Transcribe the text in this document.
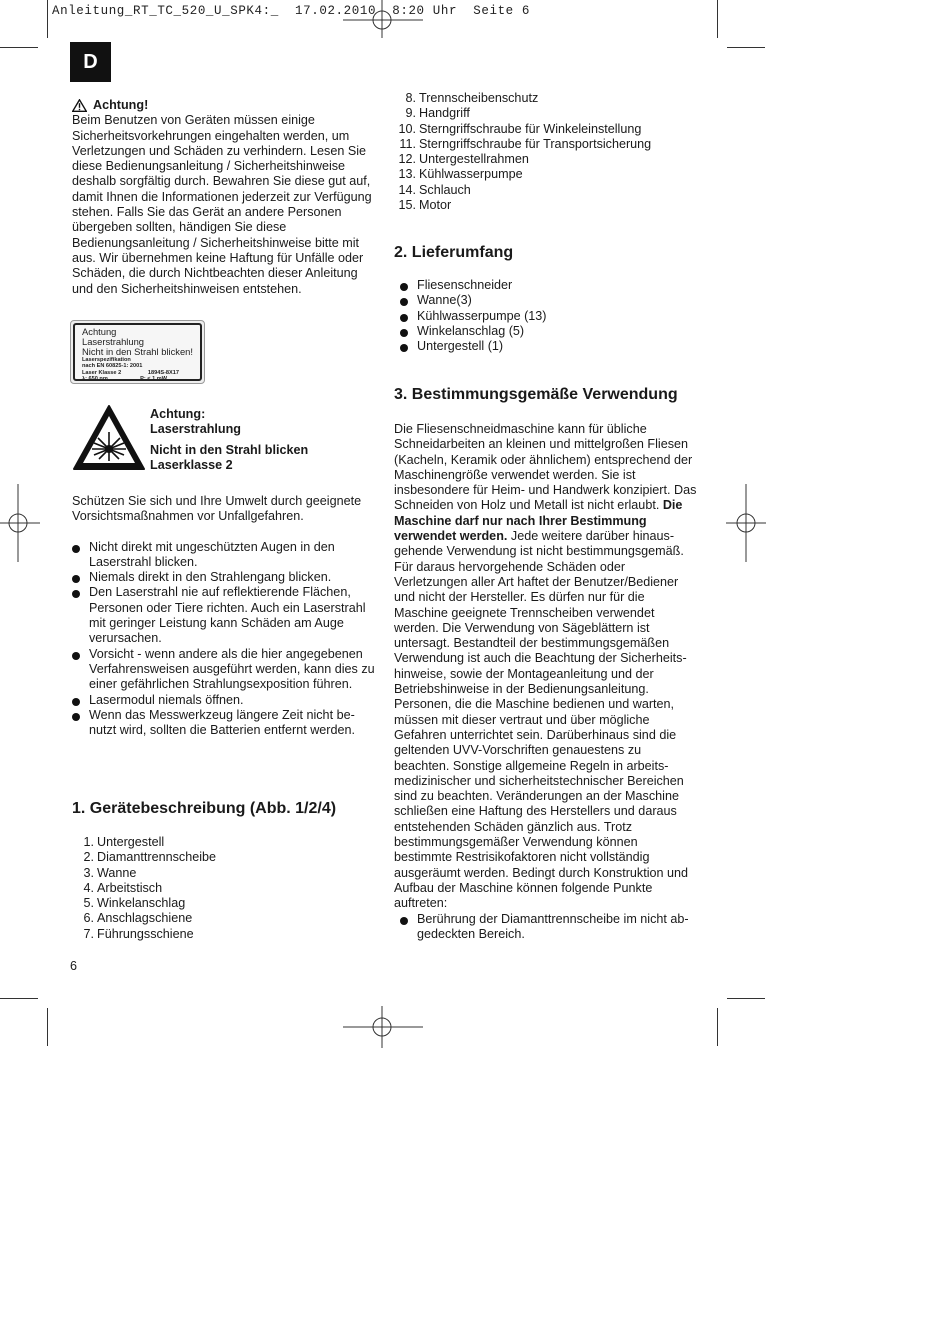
Anleitung_RT_TC_520_U_SPK4:_  17.02.2010  8:20 Uhr  Seite 6
D
Achtung!

Beim Benutzen von Geräten müssen einige Sicherheitsvorkehrungen eingehalten werden, um Verletzungen und Schäden zu verhindern. Lesen Sie diese Bedienungsanleitung / Sicherheitshinweise deshalb sorgfältig durch. Bewahren Sie diese gut auf, damit Ihnen die Informationen jederzeit zur Verfügung stehen. Falls Sie das Gerät an andere Personen übergeben sollten, händigen Sie diese Bedienungsanleitung / Sicherheitshinweise bitte mit aus. Wir übernehmen keine Haftung für Unfälle oder Schäden, die durch Nichtbeachten dieser Anleitung und den Sicherheitshinweisen entstehen.

Achtung
Laserstrahlung
Nicht in den Strahl blicken!
Laserspezifikation
nach EN 60825-1: 2001
Laser Klasse 2	1894S-8X17
λ: 650 nm	P: < 1 mW
Achtung:
Laserstrahlung
Nicht in den Strahl blicken
Laserklasse 2

Schützen Sie sich und Ihre Umwelt durch geeignete Vorsichtsmaßnahmen vor Unfallgefahren.

Nicht direkt mit ungeschützten Augen in den Laserstrahl blicken.
Niemals direkt in den Strahlengang blicken.
Den Laserstrahl nie auf reflektierende Flächen, Personen oder Tiere richten. Auch ein Laserstrahl mit geringer Leistung kann Schäden am Auge verursachen.
Vorsicht - wenn andere als die hier angegebenen Verfahrensweisen ausgeführt werden, kann dies zu einer gefährlichen Strahlungsexposition führen.
Lasermodul niemals öffnen.
Wenn das Messwerkzeug längere Zeit nicht benutzt wird, sollten die Batterien entfernt werden.
1. Gerätebeschreibung (Abb. 1/2/4)
1. Untergestell
2. Diamanttrennscheibe
3. Wanne
4. Arbeitstisch
5. Winkelanschlag
6. Anschlagschiene
7. Führungsschiene
8. Trennscheibenschutz
9. Handgriff
10. Sterngriffschraube für Winkeleinstellung
11. Sterngriffschraube für Transportsicherung
12. Untergestellrahmen
13. Kühlwasserpumpe
14. Schlauch
15. Motor
2. Lieferumfang
Fliesenschneider
Wanne(3)
Kühlwasserpumpe (13)
Winkelanschlag (5)
Untergestell (1)
3. Bestimmungsgemäße Verwendung

Die Fliesenschneidmaschine kann für übliche Schneidarbeiten an kleinen und mittelgroßen Fliesen (Kacheln, Keramik oder ähnlichem) entsprechend der Maschinengröße verwendet werden. Sie ist insbesondere für Heim- und Handwerk konzipiert. Das Schneiden von Holz und Metall ist nicht erlaubt. Die Maschine darf nur nach Ihrer Bestimmung verwendet werden. Jede weitere darüber hinausgehende Verwendung ist nicht bestimmungsgemäß. Für daraus hervorgehende Schäden oder Verletzungen aller Art haftet der Benutzer/Bediener und nicht der Hersteller. Es dürfen nur für die Maschine geeignete Trennscheiben verwendet werden. Die Verwendung von Sägeblättern ist untersagt. Bestandteil der bestimmungsgemäßen Verwendung ist auch die Beachtung der Sicherheitshinweise, sowie der Montageanleitung und der Betriebshinweise in der Bedienungsanleitung. Personen, die die Maschine bedienen und warten, müssen mit dieser vertraut und über mögliche Gefahren unterrichtet sein. Darüberhinaus sind die geltenden UVV-Vorschriften genauestens zu beachten. Sonstige allgemeine Regeln in arbeitsmedizinischer und sicherheitstechnischer Bereichen sind zu beachten. Veränderungen an der Maschine schließen eine Haftung des Herstellers und daraus entstehenden Schäden gänzlich aus. Trotz bestimmungsgemäßer Verwendung können bestimmte Restrisikofaktoren nicht vollständig ausgeräumt werden. Bedingt durch Konstruktion und Aufbau der Maschine können folgende Punkte auftreten:

Berührung der Diamanttrennscheibe im nicht abgedeckten Bereich.
6
